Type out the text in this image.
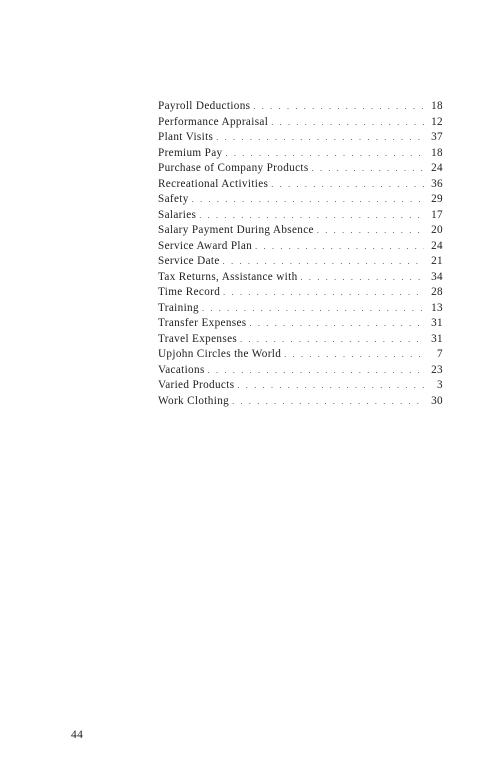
Payroll Deductions . . .	18
Performance Appraisal . . .	12
Plant Visits . . .	37
Premium Pay . . .	18
Purchase of Company Products . . .	24
Recreational Activities . . .	36
Safety . . .	29
Salaries . . .	17
Salary Payment During Absence . . .	20
Service Award Plan . . .	24
Service Date . . .	21
Tax Returns, Assistance with . . .	34
Time Record . . .	28
Training . . .	13
Transfer Expenses . . .	31
Travel Expenses . . .	31
Upjohn Circles the World . . .	7
Vacations . . .	23
Varied Products . . .	3
Work Clothing . . .	30
44
